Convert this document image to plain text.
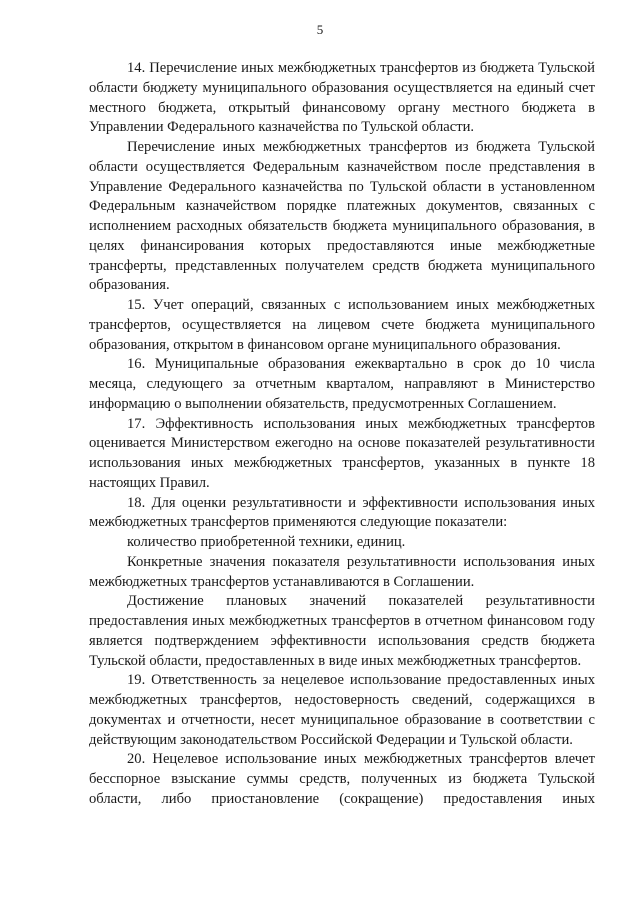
5

14. Перечисление иных межбюджетных трансфертов из бюджета Тульской области бюджету муниципального образования осуществляется на единый счет местного бюджета, открытый финансовому органу местного бюджета в Управлении Федерального казначейства по Тульской области.

Перечисление иных межбюджетных трансфертов из бюджета Тульской области осуществляется Федеральным казначейством после представления в Управление Федерального казначейства по Тульской области в установленном Федеральным казначейством порядке платежных документов, связанных с исполнением расходных обязательств бюджета муниципального образования, в целях финансирования которых предоставляются иные межбюджетные трансферты, представленных получателем средств бюджета муниципального образования.

15. Учет операций, связанных с использованием иных межбюджетных трансфертов, осуществляется на лицевом счете бюджета муниципального образования, открытом в финансовом органе муниципального образования.

16. Муниципальные образования ежеквартально в срок до 10 числа месяца, следующего за отчетным кварталом, направляют в Министерство информацию о выполнении обязательств, предусмотренных Соглашением.

17. Эффективность использования иных межбюджетных трансфертов оценивается Министерством ежегодно на основе показателей результативности использования иных межбюджетных трансфертов, указанных в пункте 18 настоящих Правил.

18. Для оценки результативности и эффективности использования иных межбюджетных трансфертов применяются следующие показатели:

количество приобретенной техники, единиц.

Конкретные значения показателя результативности использования иных межбюджетных трансфертов устанавливаются в Соглашении.

Достижение плановых значений показателей результативности предоставления иных межбюджетных трансфертов в отчетном финансовом году является подтверждением эффективности использования средств бюджета Тульской области, предоставленных в виде иных межбюджетных трансфертов.

19. Ответственность за нецелевое использование предоставленных иных межбюджетных трансфертов, недостоверность сведений, содержащихся в документах и отчетности, несет муниципальное образование в соответствии с действующим законодательством Российской Федерации и Тульской области.

20. Нецелевое использование иных межбюджетных трансфертов влечет бесспорное взыскание суммы средств, полученных из бюджета Тульской области, либо приостановление (сокращение) предоставления иных
